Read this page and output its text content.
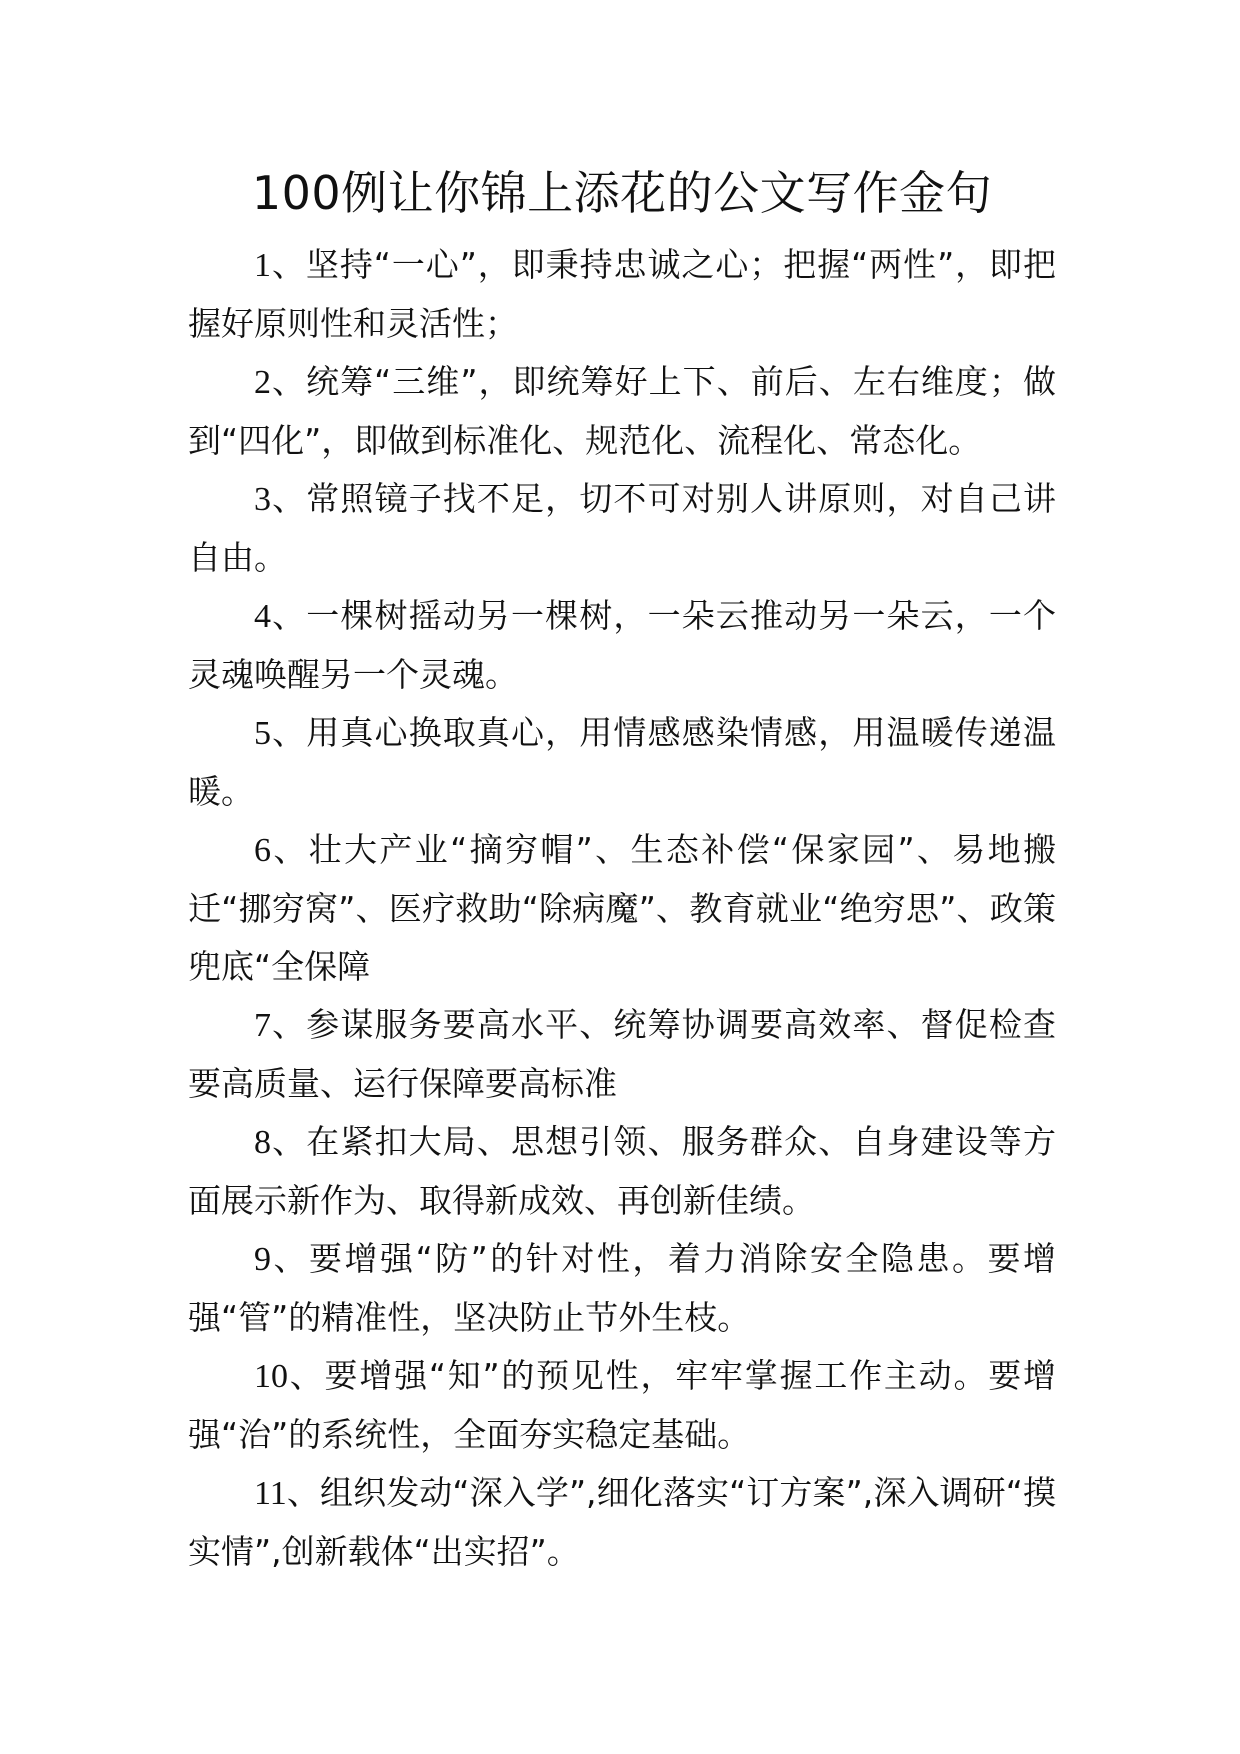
100例让你锦上添花的公文写作金句

1、坚持“一心”，即秉持忠诚之心；把握“两性”，即把握好原则性和灵活性；

2、统筹“三维”，即统筹好上下、前后、左右维度；做到“四化”，即做到标准化、规范化、流程化、常态化。

3、常照镜子找不足，切不可对别人讲原则，对自己讲自由。

4、一棵树摇动另一棵树，一朵云推动另一朵云，一个灵魂唤醒另一个灵魂。

5、用真心换取真心，用情感感染情感，用温暖传递温暖。

6、壮大产业“摘穷帽”、生态补偿“保家园”、易地搬迁“挪穷窝”、医疗救助“除病魔”、教育就业“绝穷思”、政策兜底“全保障

7、参谋服务要高水平、统筹协调要高效率、督促检查要高质量、运行保障要高标准

8、在紧扣大局、思想引领、服务群众、自身建设等方面展示新作为、取得新成效、再创新佳绩。

9、要增强“防”的针对性，着力消除安全隐患。要增强“管”的精准性，坚决防止节外生枝。

10、要增强“知”的预见性，牢牢掌握工作主动。要增强“治”的系统性，全面夯实稳定基础。

11、组织发动“深入学”,细化落实“订方案”,深入调研“摸实情”,创新载体“出实招”。
